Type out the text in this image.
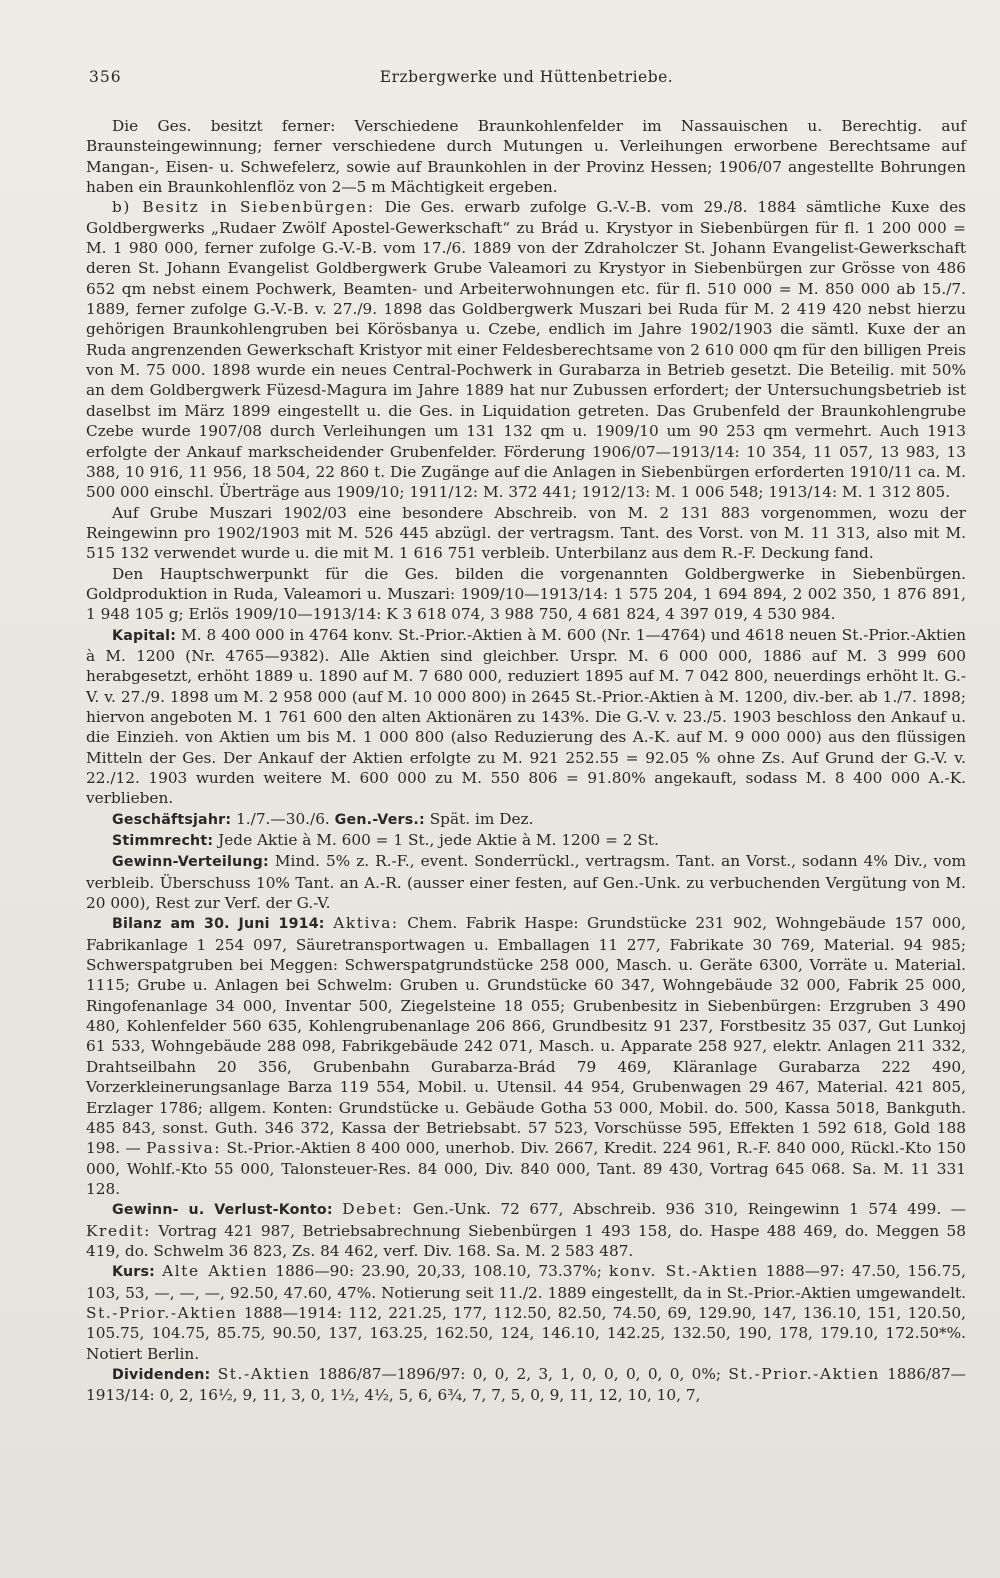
356	Erzbergwerke und Hüttenbetriebe.

Die Ges. besitzt ferner: Verschiedene Braunkohlenfelder im Nassauischen u. Berechtig. auf Braunsteingewinnung; ferner verschiedene durch Mutungen u. Verleihungen erworbene Berechtsame auf Mangan-, Eisen- u. Schwefelerz, sowie auf Braunkohlen in der Provinz Hessen; 1906/07 angestellte Bohrungen haben ein Braunkohlenflöz von 2—5 m Mächtigkeit ergeben.

b) Besitz in Siebenbürgen: Die Ges. erwarb zufolge G.-V.-B. vom 29./8. 1884 sämtliche Kuxe des Goldbergwerks „Rudaer Zwölf Apostel-Gewerkschaft“ zu Brád u. Krystyor in Siebenbürgen für fl. 1 200 000 = M. 1 980 000, ferner zufolge G.-V.-B. vom 17./6. 1889 von der Zdraholczer St. Johann Evangelist-Gewerkschaft deren St. Johann Evangelist Goldbergwerk Grube Valeamori zu Krystyor in Siebenbürgen zur Grösse von 486 652 qm nebst einem Pochwerk, Beamten- und Arbeiterwohnungen etc. für fl. 510 000 = M. 850 000 ab 15./7. 1889, ferner zufolge G.-V.-B. v. 27./9. 1898 das Goldbergwerk Muszari bei Ruda für M. 2 419 420 nebst hierzu gehörigen Braunkohlengruben bei Körösbanya u. Czebe, endlich im Jahre 1902/1903 die sämtl. Kuxe der an Ruda angrenzenden Gewerkschaft Kristyor mit einer Feldesberechtsame von 2 610 000 qm für den billigen Preis von M. 75 000. 1898 wurde ein neues Central-Pochwerk in Gurabarza in Betrieb gesetzt. Die Beteilig. mit 50% an dem Goldbergwerk Füzesd-Magura im Jahre 1889 hat nur Zubussen erfordert; der Untersuchungsbetrieb ist daselbst im März 1899 eingestellt u. die Ges. in Liquidation getreten. Das Grubenfeld der Braunkohlengrube Czebe wurde 1907/08 durch Verleihungen um 131 132 qm u. 1909/10 um 90 253 qm vermehrt. Auch 1913 erfolgte der Ankauf markscheidender Grubenfelder. Förderung 1906/07—1913/14: 10 354, 11 057, 13 983, 13 388, 10 916, 11 956, 18 504, 22 860 t. Die Zugänge auf die Anlagen in Siebenbürgen erforderten 1910/11 ca. M. 500 000 einschl. Überträge aus 1909/10; 1911/12: M. 372 441; 1912/13: M. 1 006 548; 1913/14: M. 1 312 805.

Auf Grube Muszari 1902/03 eine besondere Abschreib. von M. 2 131 883 vorgenommen, wozu der Reingewinn pro 1902/1903 mit M. 526 445 abzügl. der vertragsm. Tant. des Vorst. von M. 11 313, also mit M. 515 132 verwendet wurde u. die mit M. 1 616 751 verbleib. Unterbilanz aus dem R.-F. Deckung fand.

Den Hauptschwerpunkt für die Ges. bilden die vorgenannten Goldbergwerke in Siebenbürgen. Goldproduktion in Ruda, Valeamori u. Muszari: 1909/10—1913/14: 1 575 204, 1 694 894, 2 002 350, 1 876 891, 1 948 105 g; Erlös 1909/10—1913/14: K 3 618 074, 3 988 750, 4 681 824, 4 397 019, 4 530 984.

Kapital: M. 8 400 000 in 4764 konv. St.-Prior.-Aktien à M. 600 (Nr. 1—4764) und 4618 neuen St.-Prior.-Aktien à M. 1200 (Nr. 4765—9382). Alle Aktien sind gleichber. Urspr. M. 6 000 000, 1886 auf M. 3 999 600 herabgesetzt, erhöht 1889 u. 1890 auf M. 7 680 000, reduziert 1895 auf M. 7 042 800, neuerdings erhöht lt. G.-V. v. 27./9. 1898 um M. 2 958 000 (auf M. 10 000 800) in 2645 St.-Prior.-Aktien à M. 1200, div.-ber. ab 1./7. 1898; hiervon angeboten M. 1 761 600 den alten Aktionären zu 143%. Die G.-V. v. 23./5. 1903 beschloss den Ankauf u. die Einzieh. von Aktien um bis M. 1 000 800 (also Reduzierung des A.-K. auf M. 9 000 000) aus den flüssigen Mitteln der Ges. Der Ankauf der Aktien erfolgte zu M. 921 252.55 = 92.05 % ohne Zs. Auf Grund der G.-V. v. 22./12. 1903 wurden weitere M. 600 000 zu M. 550 806 = 91.80% angekauft, sodass M. 8 400 000 A.-K. verblieben.

Geschäftsjahr: 1./7.—30./6. Gen.-Vers.: Spät. im Dez.

Stimmrecht: Jede Aktie à M. 600 = 1 St., jede Aktie à M. 1200 = 2 St.

Gewinn-Verteilung: Mind. 5% z. R.-F., event. Sonderrückl., vertragsm. Tant. an Vorst., sodann 4% Div., vom verbleib. Überschuss 10% Tant. an A.-R. (ausser einer festen, auf Gen.-Unk. zu verbuchenden Vergütung von M. 20 000), Rest zur Verf. der G.-V.

Bilanz am 30. Juni 1914: Aktiva: Chem. Fabrik Haspe: Grundstücke 231 902, Wohngebäude 157 000, Fabrikanlage 1 254 097, Säuretransportwagen u. Emballagen 11 277, Fabrikate 30 769, Material. 94 985; Schwerspatgruben bei Meggen: Schwerspatgrundstücke 258 000, Masch. u. Geräte 6300, Vorräte u. Material. 1115; Grube u. Anlagen bei Schwelm: Gruben u. Grundstücke 60 347, Wohngebäude 32 000, Fabrik 25 000, Ringofenanlage 34 000, Inventar 500, Ziegelsteine 18 055; Grubenbesitz in Siebenbürgen: Erzgruben 3 490 480, Kohlenfelder 560 635, Kohlengrubenanlage 206 866, Grundbesitz 91 237, Forstbesitz 35 037, Gut Lunkoj 61 533, Wohngebäude 288 098, Fabrikgebäude 242 071, Masch. u. Apparate 258 927, elektr. Anlagen 211 332, Drahtseilbahn 20 356, Grubenbahn Gurabarza-Brád 79 469, Kläranlage Gurabarza 222 490, Vorzerkleinerungsanlage Barza 119 554, Mobil. u. Utensil. 44 954, Grubenwagen 29 467, Material. 421 805, Erzlager 1786; allgem. Konten: Grundstücke u. Gebäude Gotha 53 000, Mobil. do. 500, Kassa 5018, Bankguth. 485 843, sonst. Guth. 346 372, Kassa der Betriebsabt. 57 523, Vorschüsse 595, Effekten 1 592 618, Gold 188 198. — Passiva: St.-Prior.-Aktien 8 400 000, unerhob. Div. 2667, Kredit. 224 961, R.-F. 840 000, Rückl.-Kto 150 000, Wohlf.-Kto 55 000, Talonsteuer-Res. 84 000, Div. 840 000, Tant. 89 430, Vortrag 645 068. Sa. M. 11 331 128.

Gewinn- u. Verlust-Konto: Debet: Gen.-Unk. 72 677, Abschreib. 936 310, Reingewinn 1 574 499. — Kredit: Vortrag 421 987, Betriebsabrechnung Siebenbürgen 1 493 158, do. Haspe 488 469, do. Meggen 58 419, do. Schwelm 36 823, Zs. 84 462, verf. Div. 168. Sa. M. 2 583 487.

Kurs: Alte Aktien 1886—90: 23.90, 20,33, 108.10, 73.37%; konv. St.-Aktien 1888—97: 47.50, 156.75, 103, 53, —, —, —, 92.50, 47.60, 47%. Notierung seit 11./2. 1889 eingestellt, da in St.-Prior.-Aktien umgewandelt. St.-Prior.-Aktien 1888—1914: 112, 221.25, 177, 112.50, 82.50, 74.50, 69, 129.90, 147, 136.10, 151, 120.50, 105.75, 104.75, 85.75, 90.50, 137, 163.25, 162.50, 124, 146.10, 142.25, 132.50, 190, 178, 179.10, 172.50*%. Notiert Berlin.

Dividenden: St.-Aktien 1886/87—1896/97: 0, 0, 2, 3, 1, 0, 0, 0, 0, 0, 0%; St.-Prior.-Aktien 1886/87—1913/14: 0, 2, 16½, 9, 11, 3, 0, 1½, 4½, 5, 6, 6¾, 7, 7, 5, 0, 9, 11, 12, 10, 10, 7,
